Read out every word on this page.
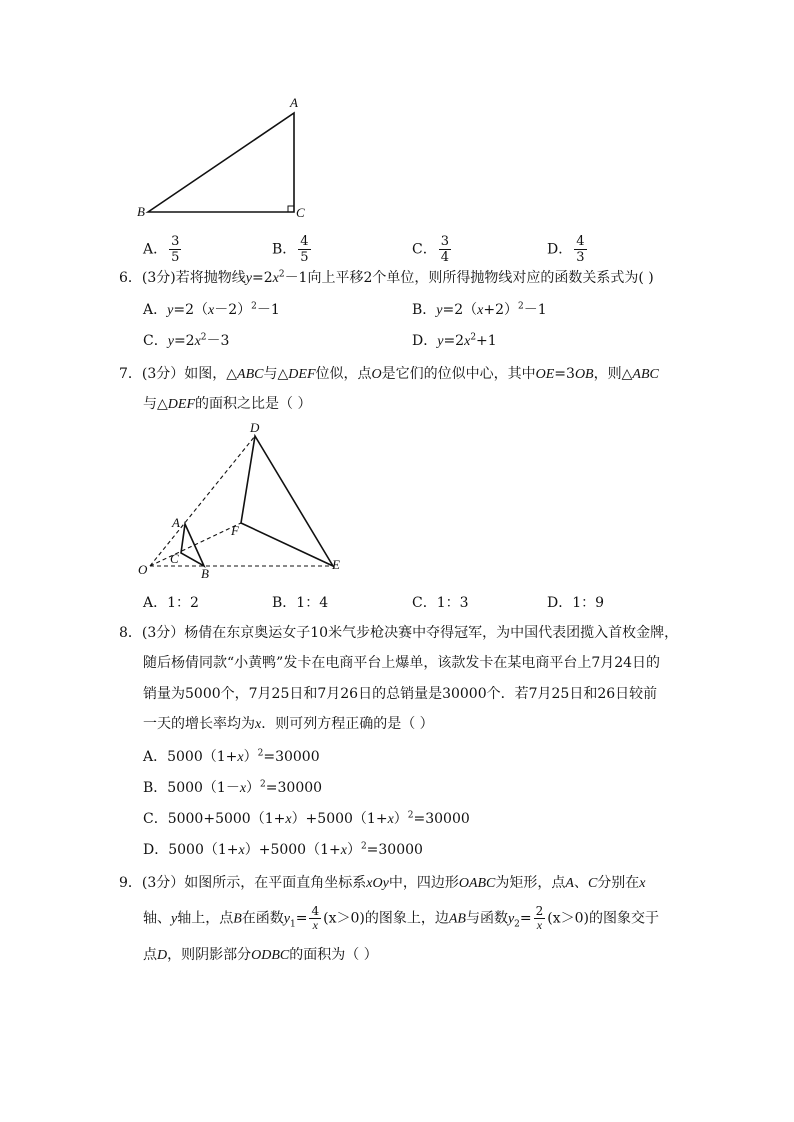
A
B	C
A． $\frac{3}{5}$	B． $\frac{4}{5}$	C． $\frac{3}{4}$	D． $\frac{4}{3}$
6．(3分)若将抛物线$y=2x^2-1$向上平移2个单位，则所得抛物线对应的函数关系式为( )
A．$y=2(x-2)^2-1$	B．$y=2(x+2)^2-1$
C．$y=2x^2-3$	D．$y=2x^2+1$
7．(3分）如图，△ABC与△DEF位似，点O是它们的位似中心，其中OE=3OB，则△ABC
与△DEF的面积之比是（ ）
D
A
F
C
O	B
E
A．1：2	B．1：4	C．1：3	D．1：9
8．(3分）杨倩在东京奥运女子10米气步枪决赛中夺得冠军，为中国代表团揽入首枚金牌，
随后杨倩同款“小黄鸭”发卡在电商平台上爆单，该款发卡在某电商平台上7月24日的
销量为5000个，7月25日和7月26日的总销量是30000个．若7月25日和26日较前
一天的增长率均为x．则可列方程正确的是（ ）
A．$5000(1+x)^2=30000$
B．$5000(1-x)^2=30000$
C．$5000+5000(1+x)+5000(1+x)^2=30000$
D．$5000(1+x)+5000(1+x)^2=30000$
9．(3分）如图所示，在平面直角坐标系xOy中，四边形OABC为矩形，点A、C分别在x
轴、y轴上，点B在函数$y_1= \frac{4}{x} (x>0)$的图象上，边AB与函数$y_2= \frac{2}{x} (x>0)$的图象交于
点D，则阴影部分ODBC的面积为（ ）
